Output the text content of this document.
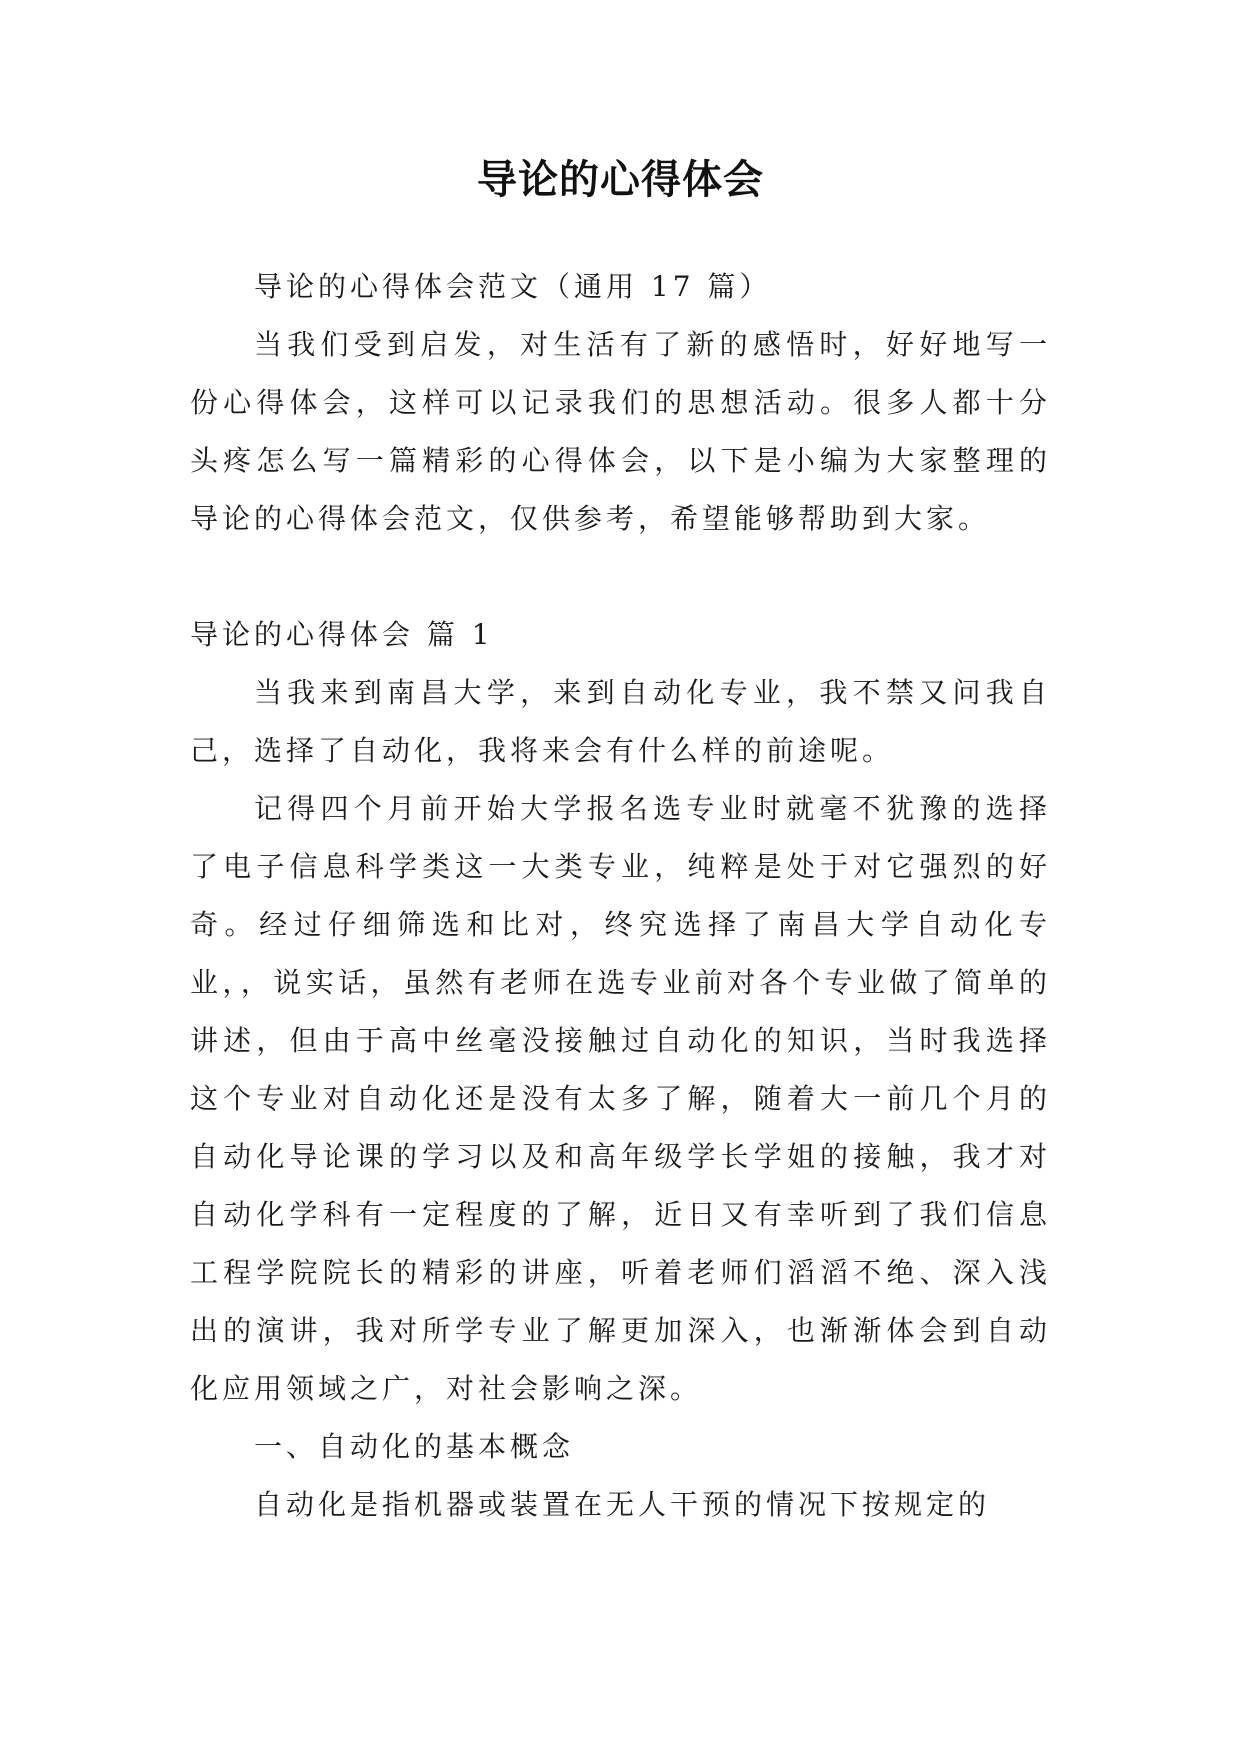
导论的心得体会

导论的心得体会范文（通用 17 篇）

当我们受到启发，对生活有了新的感悟时，好好地写一份心得体会，这样可以记录我们的思想活动。很多人都十分头疼怎么写一篇精彩的心得体会，以下是小编为大家整理的导论的心得体会范文，仅供参考，希望能够帮助到大家。

导论的心得体会 篇 1

当我来到南昌大学，来到自动化专业，我不禁又问我自己，选择了自动化，我将来会有什么样的前途呢。

记得四个月前开始大学报名选专业时就毫不犹豫的选择了电子信息科学类这一大类专业，纯粹是处于对它强烈的好奇。经过仔细筛选和比对，终究选择了南昌大学自动化专业，，说实话，虽然有老师在选专业前对各个专业做了简单的讲述，但由于高中丝毫没接触过自动化的知识，当时我选择这个专业对自动化还是没有太多了解，随着大一前几个月的自动化导论课的学习以及和高年级学长学姐的接触，我才对自动化学科有一定程度的了解，近日又有幸听到了我们信息工程学院院长的精彩的讲座，听着老师们滔滔不绝、深入浅出的演讲，我对所学专业了解更加深入，也渐渐体会到自动化应用领域之广，对社会影响之深。

一、自动化的基本概念

自动化是指机器或装置在无人干预的情况下按规定的
